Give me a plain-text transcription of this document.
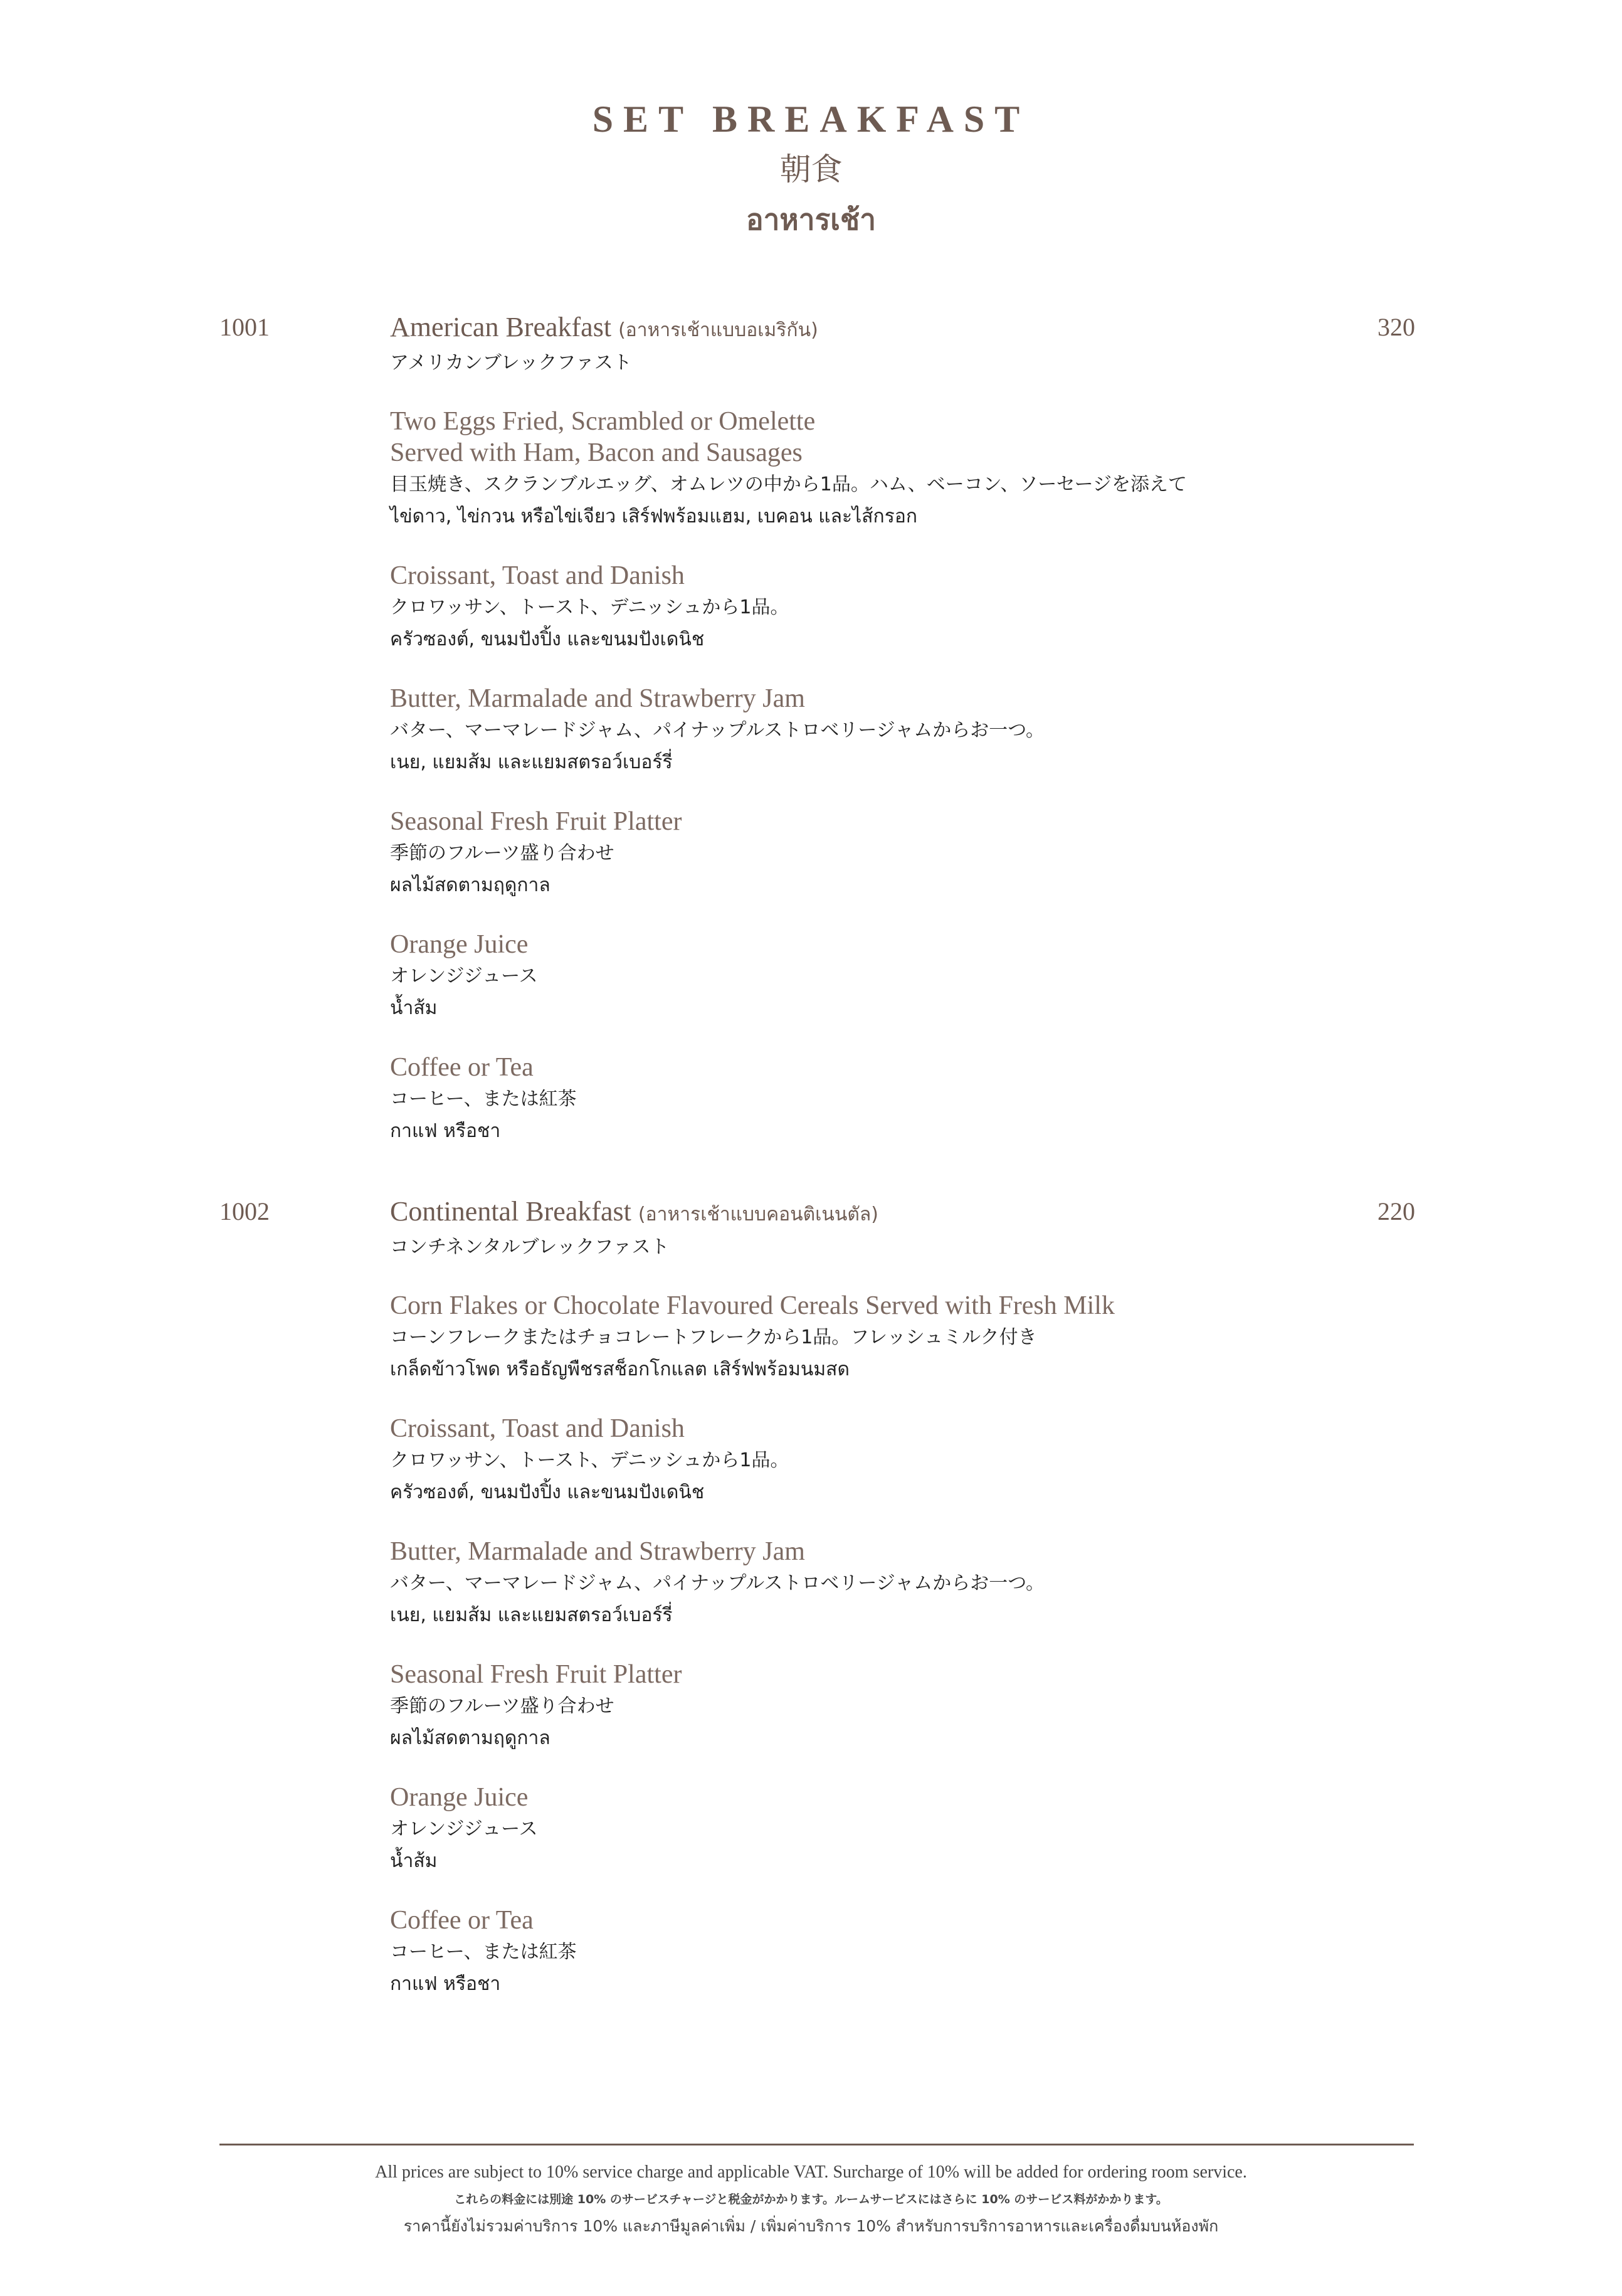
SET BREAKFAST
朝食
อาหารเช้า
1001	320
American Breakfast (อาหารเช้าแบบอเมริกัน)
アメリカンブレックファスト
Two Eggs Fried, Scrambled or Omelette
Served with Ham, Bacon and Sausages
目玉焼き、スクランブルエッグ、オムレツの中から1品。ハム、ベーコン、ソーセージを添えて
ไข่ดาว, ไข่กวน หรือไข่เจียว เสิร์ฟพร้อมแฮม, เบคอน และไส้กรอก
Croissant, Toast and Danish
クロワッサン、トースト、デニッシュから1品。
ครัวซองต์, ขนมปังปิ้ง และขนมปังเดนิช
Butter, Marmalade and Strawberry Jam
バター、マーマレードジャム、パイナップルストロベリージャムからお一つ。
เนย, แยมส้ม และแยมสตรอว์เบอร์รี่
Seasonal Fresh Fruit Platter
季節のフルーツ盛り合わせ
ผลไม้สดตามฤดูกาล
Orange Juice
オレンジジュース
น้ำส้ม
Coffee or Tea
コーヒー、または紅茶
กาแฟ หรือชา
1002	220
Continental Breakfast (อาหารเช้าแบบคอนติเนนตัล)
コンチネンタルブレックファスト
Corn Flakes or Chocolate Flavoured Cereals Served with Fresh Milk
コーンフレークまたはチョコレートフレークから1品。フレッシュミルク付き
เกล็ดข้าวโพด หรือธัญพืชรสช็อกโกแลต เสิร์ฟพร้อมนมสด
Croissant, Toast and Danish
クロワッサン、トースト、デニッシュから1品。
ครัวซองต์, ขนมปังปิ้ง และขนมปังเดนิช
Butter, Marmalade and Strawberry Jam
バター、マーマレードジャム、パイナップルストロベリージャムからお一つ。
เนย, แยมส้ม และแยมสตรอว์เบอร์รี่
Seasonal Fresh Fruit Platter
季節のフルーツ盛り合わせ
ผลไม้สดตามฤดูกาล
Orange Juice
オレンジジュース
น้ำส้ม
Coffee or Tea
コーヒー、または紅茶
กาแฟ หรือชา
All prices are subject to 10% service charge and applicable VAT. Surcharge of 10% will be added for ordering room service.
これらの料金には別途 10% のサービスチャージと税金がかかります。ルームサービスにはさらに 10% のサービス料がかかります。
ราคานี้ยังไม่รวมค่าบริการ 10% และภาษีมูลค่าเพิ่ม / เพิ่มค่าบริการ 10% สำหรับการบริการอาหารและเครื่องดื่มบนห้องพัก
